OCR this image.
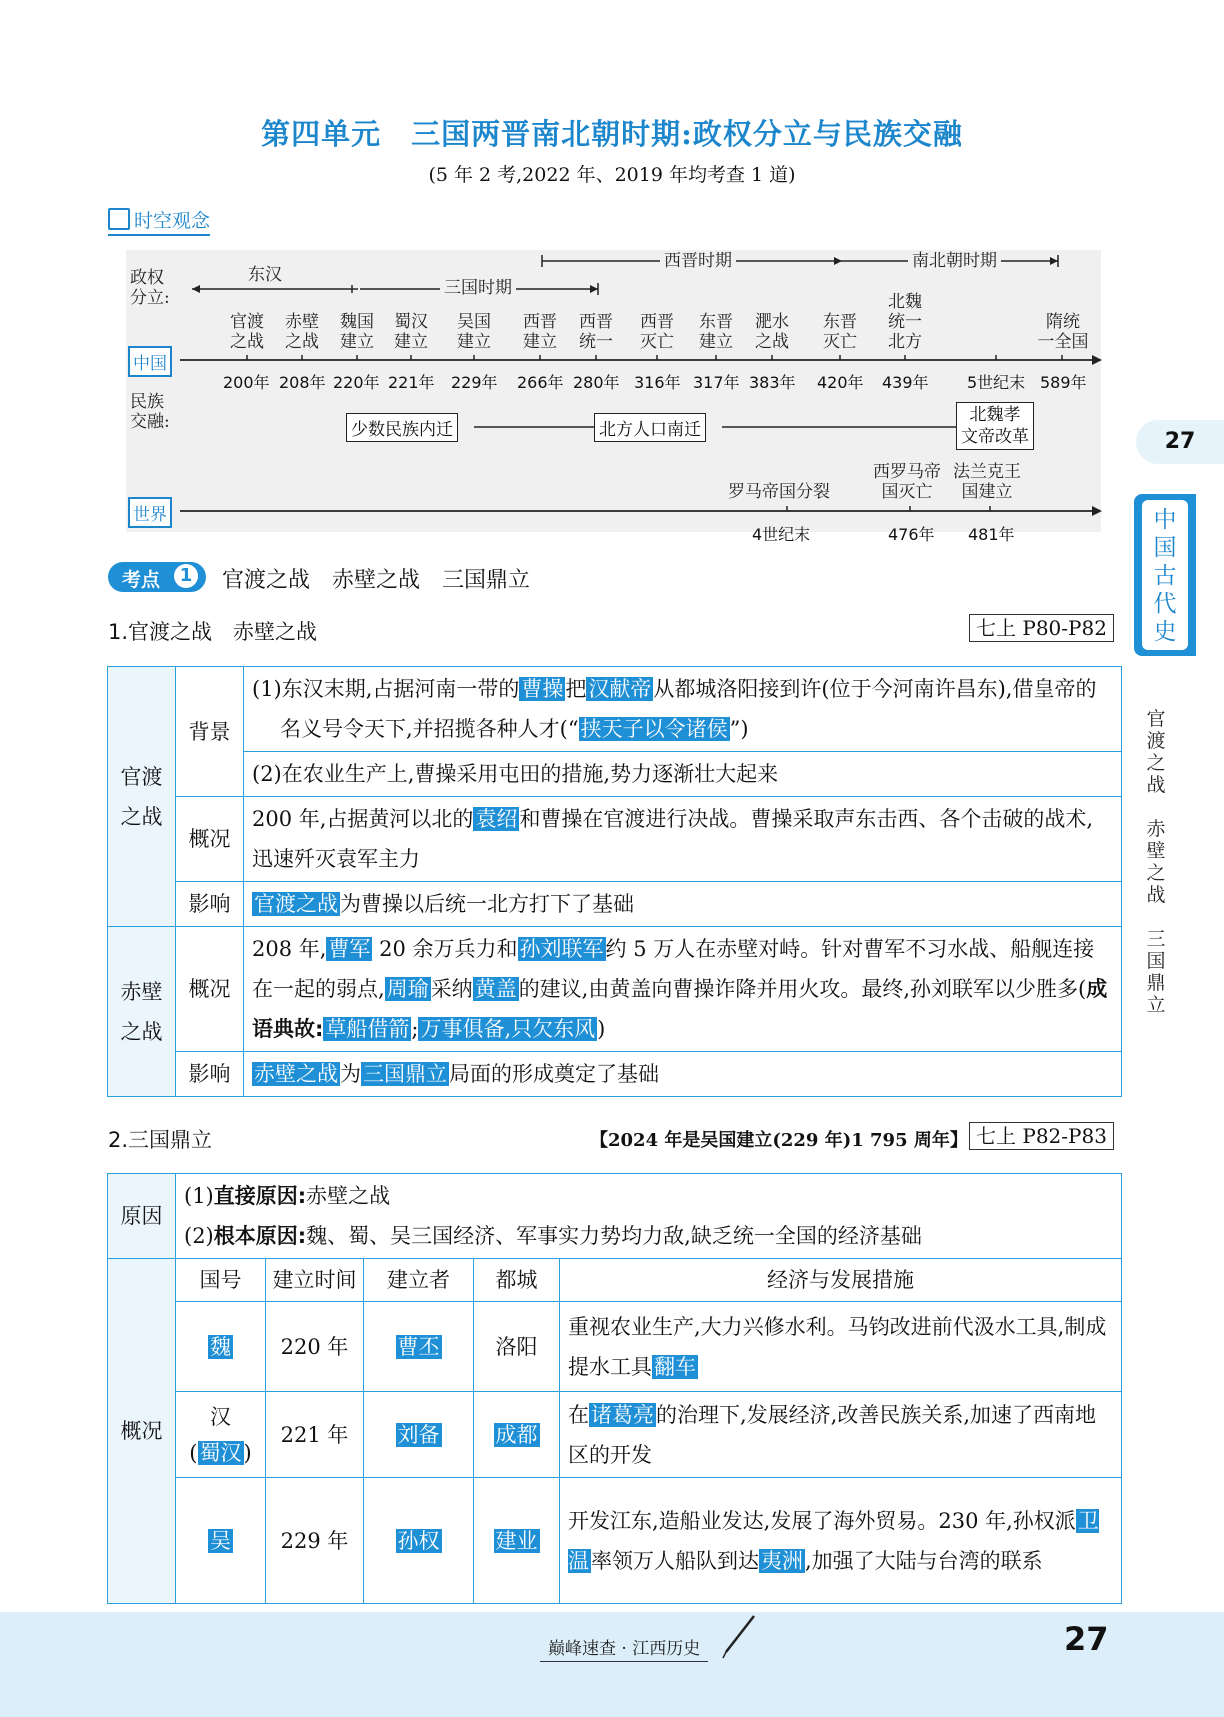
第四单元　三国两晋南北朝时期:政权分立与民族交融
(5 年 2 考,2022 年、2019 年均考查 1 道)
时空观念
政权
分立:
民族
交融:
东汉
三国时期
西晋时期	南北朝时期
官渡
之战
赤壁
之战
魏国
建立
蜀汉
建立
吴国
建立
西晋
建立
西晋
统一
西晋
灭亡
东晋
建立
淝水
之战
东晋
灭亡
北魏
统一
北方
隋统
一全国
中国
200年 208年 220年 221年 229年 266年 280年 316年 317年 383年 420年 439年 5世纪末 589年
少数民族内迁	北方人口南迁
北魏孝
文帝改革
罗马帝国分裂
西罗马帝
国灭亡
法兰克王
国建立
世界
4世纪末	476年 481年
考点	1 官渡之战　赤壁之战　三国鼎立
1.官渡之战　赤壁之战	七上 P80-P82
官渡
之战	背景	(1)东汉末期,占据河南一带的曹操把汉献帝从都城洛阳接到许(位于今河南许昌东),借皇帝的名义号令天下,并招揽各种人才(“挟天子以令诸侯”)
		(2)在农业生产上,曹操采用屯田的措施,势力逐渐壮大起来
	概况	200 年,占据黄河以北的袁绍和曹操在官渡进行决战。曹操采取声东击西、各个击破的战术,迅速歼灭袁军主力
	影响	官渡之战为曹操以后统一北方打下了基础
赤壁
之战	概况	208 年,曹军 20 余万兵力和孙刘联军约 5 万人在赤壁对峙。针对曹军不习水战、船舰连接在一起的弱点,周瑜采纳黄盖的建议,由黄盖向曹操诈降并用火攻。最终,孙刘联军以少胜多(成语典故:草船借箭;万事俱备,只欠东风)
	影响	赤壁之战为三国鼎立局面的形成奠定了基础
2.三国鼎立	【2024 年是吴国建立(229 年)1 795 周年】 七上 P82-P83
原因	(1)直接原因:赤壁之战
(2)根本原因:魏、蜀、吴三国经济、军事实力势均力敌,缺乏统一全国的经济基础				

概况	国号	建立时间	建立者	都城	经济与发展措施
	魏	220 年	曹丕	洛阳	重视农业生产,大力兴修水利。马钧改进前代汲水工具,制成提水工具翻车

	汉
(蜀汉)	221 年	刘备	成都	在诸葛亮的治理下,发展经济,改善民族关系,加速了西南地区的开发
	吴	229 年	孙权	建业	开发江东,造船业发达,发展了海外贸易。230 年,孙权派卫温率领万人船队到达夷洲,加强了大陆与台湾的联系
27
中国古代史
官渡之战
赤壁之战
三国鼎立
巅峰速查 · 江西历史	27
